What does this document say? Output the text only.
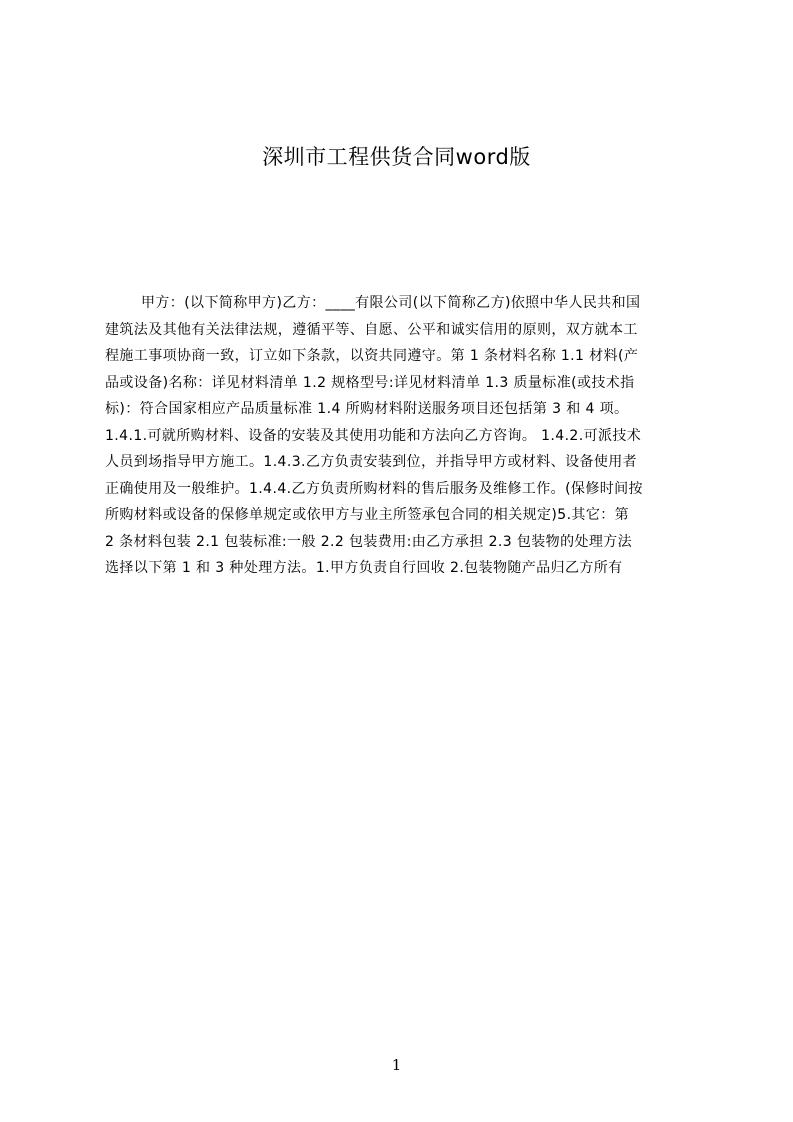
深圳市工程供货合同word版
甲方：(以下简称甲方)乙方：____有限公司(以下简称乙方)依照中华人民共和国
建筑法及其他有关法律法规，遵循平等、自愿、公平和诚实信用的原则，双方就本工
程施工事项协商一致，订立如下条款，以资共同遵守。第 1 条材料名称 1.1 材料(产
品或设备)名称：详见材料清单 1.2 规格型号:详见材料清单 1.3 质量标准(或技术指
标)：符合国家相应产品质量标准 1.4 所购材料附送服务项目还包括第 3 和 4 项。
1.4.1.可就所购材料、设备的安装及其使用功能和方法向乙方咨询。 1.4.2.可派技术
人员到场指导甲方施工。1.4.3.乙方负责安装到位，并指导甲方或材料、设备使用者
正确使用及一般维护。1.4.4.乙方负责所购材料的售后服务及维修工作。(保修时间按
所购材料或设备的保修单规定或依甲方与业主所签承包合同的相关规定)5.其它：第
2 条材料包装 2.1 包装标准:一般 2.2 包装费用:由乙方承担 2.3 包装物的处理方法
选择以下第 1 和 3 种处理方法。1.甲方负责自行回收 2.包装物随产品归乙方所有
1
